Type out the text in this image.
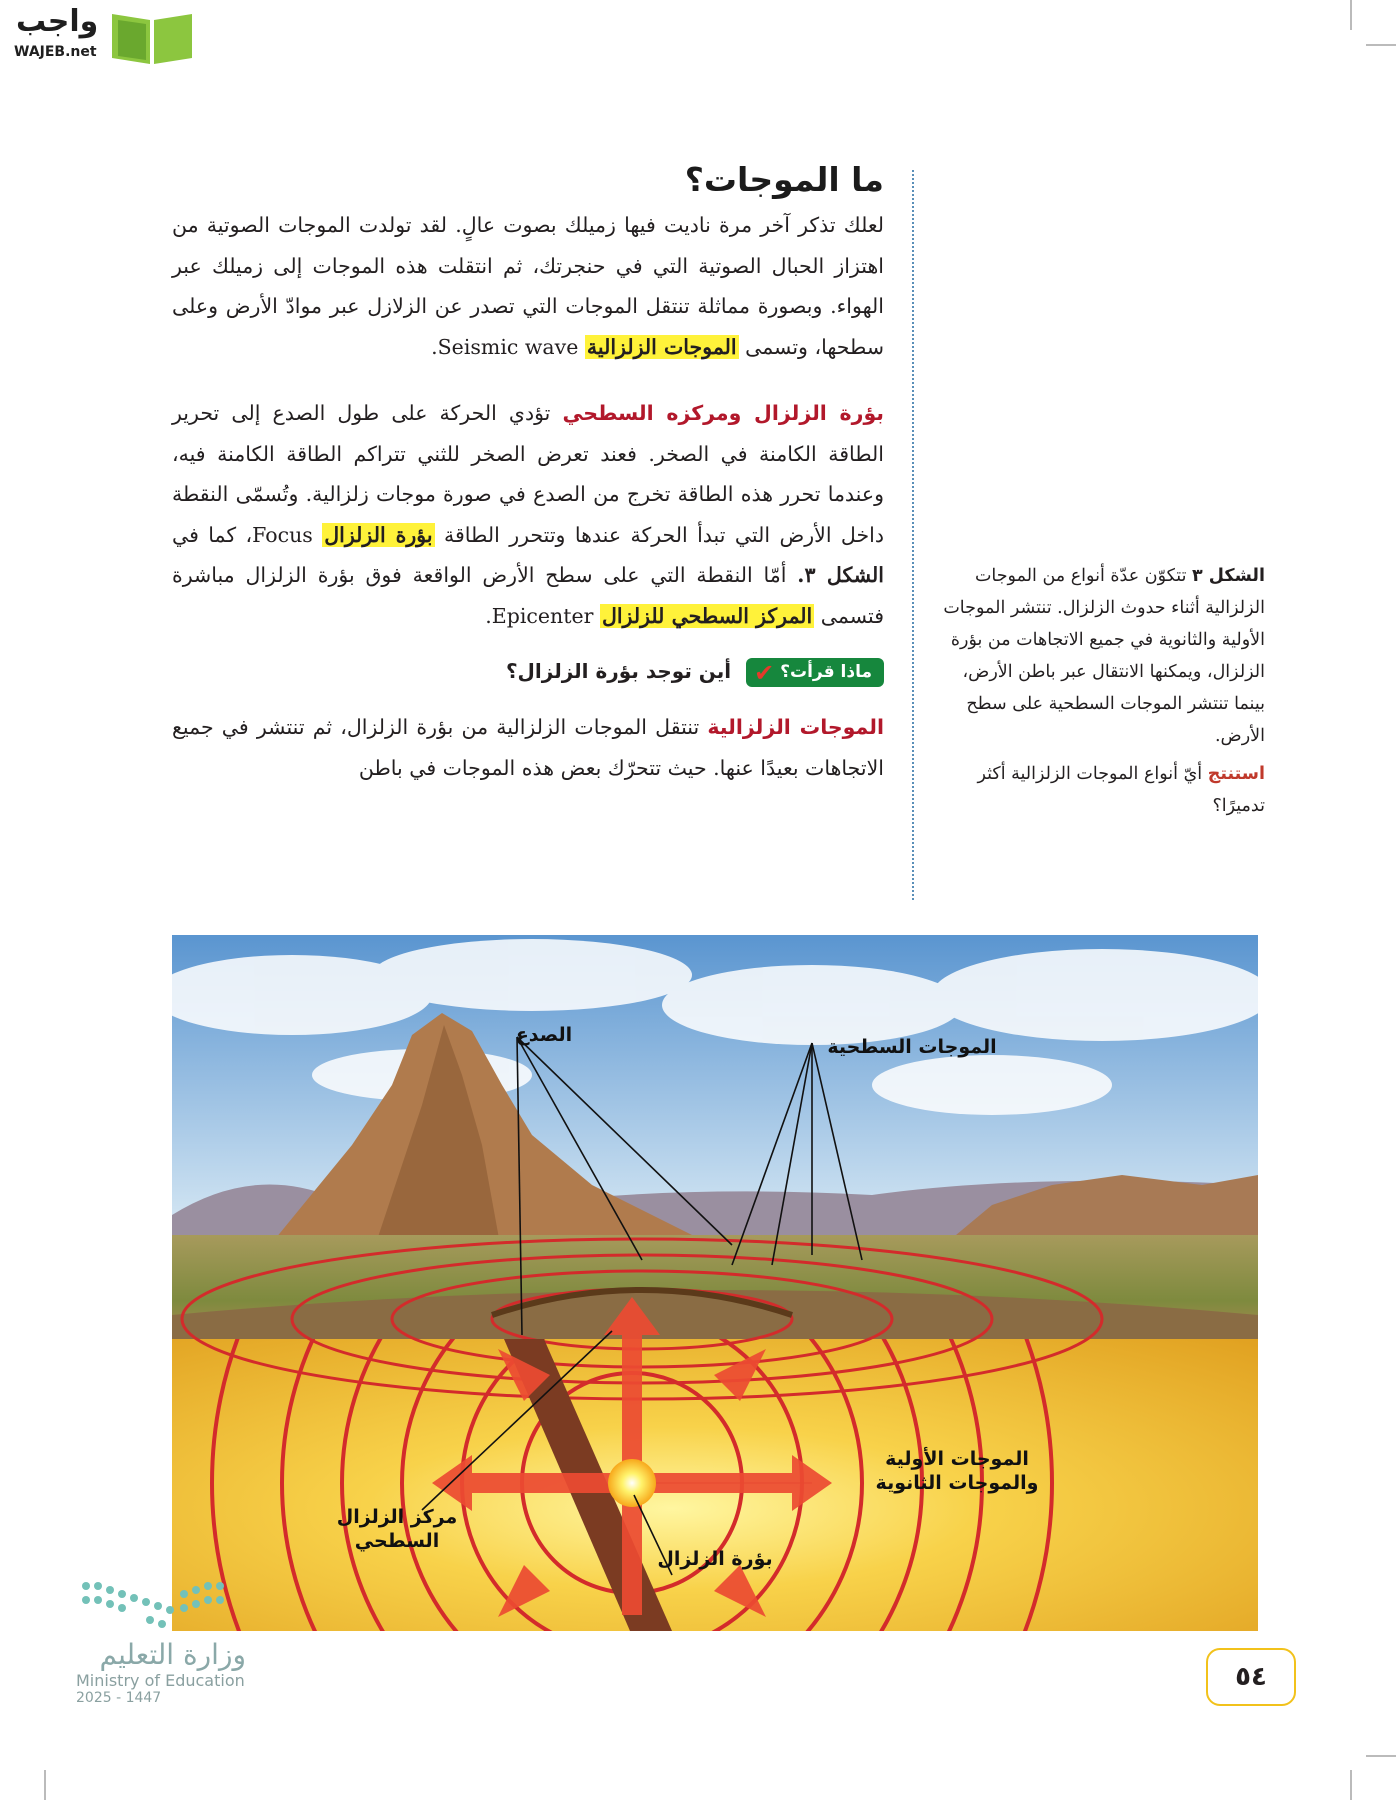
واجب
WAJEB.net
ما الموجات؟

لعلك تذكر آخر مرة ناديت فيها زميلك بصوت عالٍ. لقد تولدت الموجات الصوتية من اهتزاز الحبال الصوتية التي في حنجرتك، ثم انتقلت هذه الموجات إلى زميلك عبر الهواء. وبصورة مماثلة تنتقل الموجات التي تصدر عن الزلازل عبر موادّ الأرض وعلى سطحها، وتسمى الموجات الزلزالية Seismic wave.

بؤرة الزلزال ومركزه السطحي تؤدي الحركة على طول الصدع إلى تحرير الطاقة الكامنة في الصخر. فعند تعرض الصخر للثني تتراكم الطاقة الكامنة فيه، وعندما تحرر هذه الطاقة تخرج من الصدع في صورة موجات زلزالية. وتُسمّى النقطة داخل الأرض التي تبدأ الحركة عندها وتتحرر الطاقة بؤرة الزلزال Focus، كما في الشكل ٣. أمّا النقطة التي على سطح الأرض الواقعة فوق بؤرة الزلزال مباشرة فتسمى المركز السطحي للزلزال Epicenter.

✔ ماذا قرأت؟ أين توجد بؤرة الزلزال؟

الموجات الزلزالية تنتقل الموجات الزلزالية من بؤرة الزلزال، ثم تنتشر في جميع الاتجاهات بعيدًا عنها. حيث تتحرّك بعض هذه الموجات في باطن

الشكل ٣ تتكوّن عدّة أنواع من الموجات الزلزالية أثناء حدوث الزلزال. تنتشر الموجات الأولية والثانوية في جميع الاتجاهات من بؤرة الزلزال، ويمكنها الانتقال عبر باطن الأرض، بينما تنتشر الموجات السطحية على سطح الأرض.

استنتج أيّ أنواع الموجات الزلزالية أكثر تدميرًا؟

الصدع
الموجات السطحية
الموجات الأولية والموجات الثانوية
مركز الزلزال السطحي
بؤرة الزلزال
وزارة التعليم
Ministry of Education
2025 - 1447
٥٤
